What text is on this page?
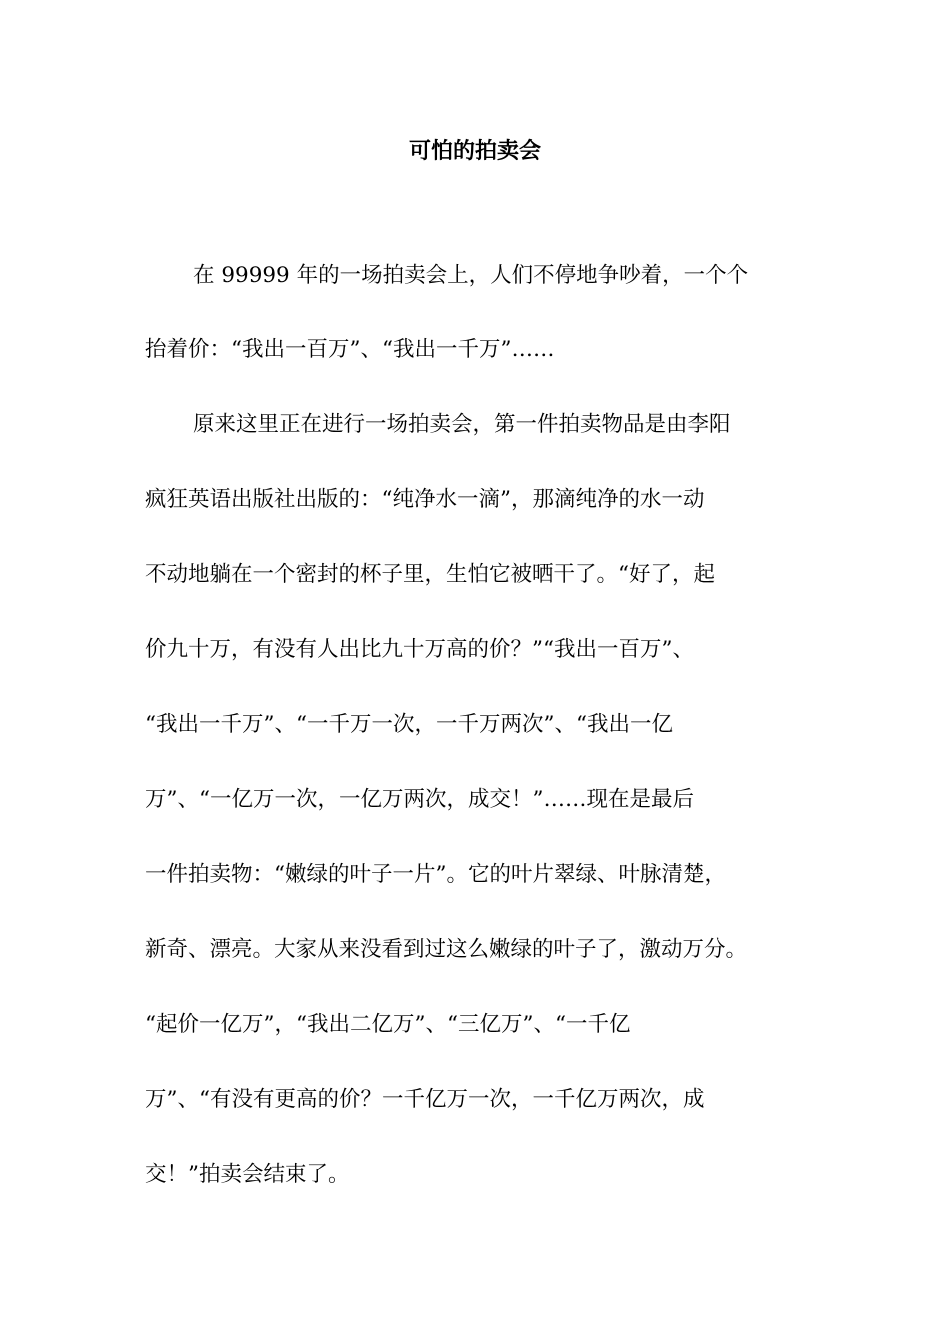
可怕的拍卖会

在 99999 年的一场拍卖会上，人们不停地争吵着，一个个

抬着价：“我出一百万”、“我出一千万”……

原来这里正在进行一场拍卖会，第一件拍卖物品是由李阳

疯狂英语出版社出版的：“纯净水一滴”，那滴纯净的水一动

不动地躺在一个密封的杯子里，生怕它被晒干了。“好了，起

价九十万，有没有人出比九十万高的价？”“我出一百万”、

“我出一千万”、“一千万一次，一千万两次”、“我出一亿

万”、“一亿万一次，一亿万两次，成交！”……现在是最后

一件拍卖物：“嫩绿的叶子一片”。它的叶片翠绿、叶脉清楚，

新奇、漂亮。大家从来没看到过这么嫩绿的叶子了，激动万分。

“起价一亿万”，“我出二亿万”、“三亿万”、“一千亿

万”、“有没有更高的价？一千亿万一次，一千亿万两次，成

交！”拍卖会结束了。
